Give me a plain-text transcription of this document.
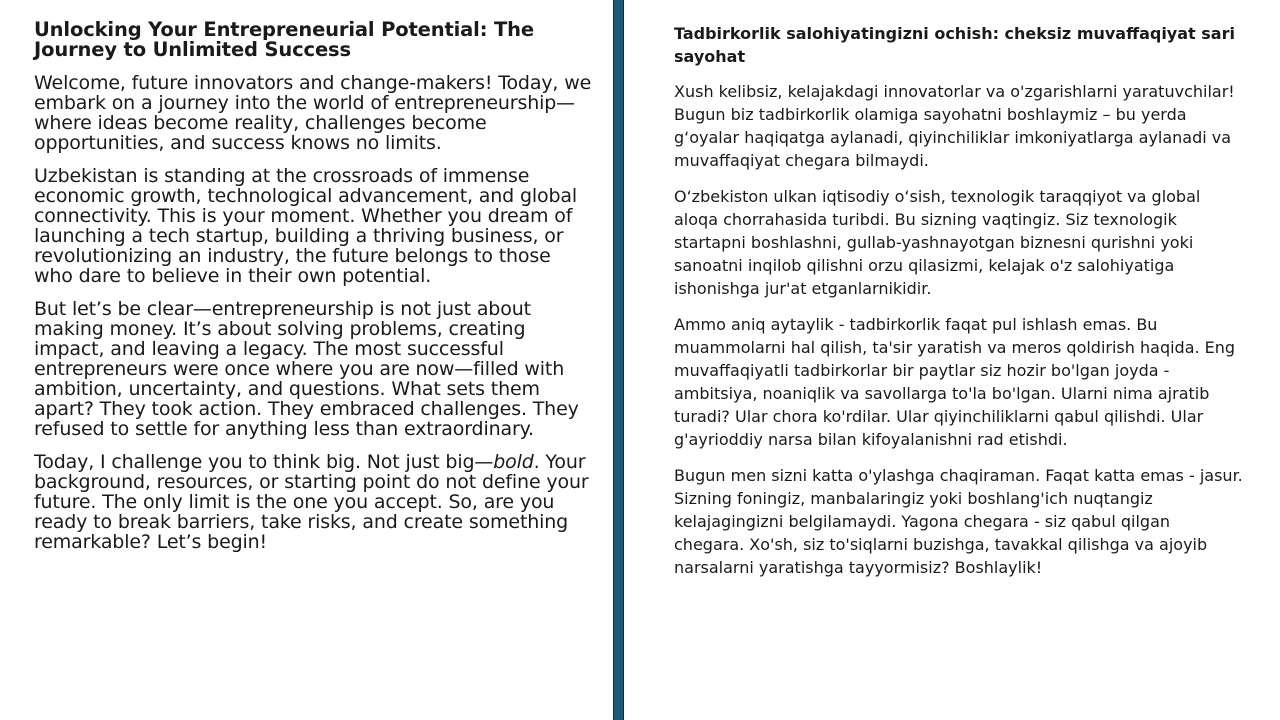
Unlocking Your Entrepreneurial Potential: The Journey to Unlimited Success

Welcome, future innovators and change-makers! Today, we embark on a journey into the world of entrepreneurship—where ideas become reality, challenges become opportunities, and success knows no limits.

Uzbekistan is standing at the crossroads of immense economic growth, technological advancement, and global connectivity. This is your moment. Whether you dream of launching a tech startup, building a thriving business, or revolutionizing an industry, the future belongs to those who dare to believe in their own potential.

But let’s be clear—entrepreneurship is not just about making money. It’s about solving problems, creating impact, and leaving a legacy. The most successful entrepreneurs were once where you are now—filled with ambition, uncertainty, and questions. What sets them apart? They took action. They embraced challenges. They refused to settle for anything less than extraordinary.

Today, I challenge you to think big. Not just big—bold. Your background, resources, or starting point do not define your future. The only limit is the one you accept. So, are you ready to break barriers, take risks, and create something remarkable? Let’s begin!

Tadbirkorlik salohiyatingizni ochish: cheksiz muvaffaqiyat sari sayohat

Xush kelibsiz, kelajakdagi innovatorlar va o'zgarishlarni yaratuvchilar! Bugun biz tadbirkorlik olamiga sayohatni boshlaymiz – bu yerda g‘oyalar haqiqatga aylanadi, qiyinchiliklar imkoniyatlarga aylanadi va muvaffaqiyat chegara bilmaydi.

O‘zbekiston ulkan iqtisodiy o‘sish, texnologik taraqqiyot va global aloqa chorrahasida turibdi. Bu sizning vaqtingiz. Siz texnologik startapni boshlashni, gullab-yashnayotgan biznesni qurishni yoki sanoatni inqilob qilishni orzu qilasizmi, kelajak o'z salohiyatiga ishonishga jur'at etganlarnikidir.

Ammo aniq aytaylik - tadbirkorlik faqat pul ishlash emas. Bu muammolarni hal qilish, ta'sir yaratish va meros qoldirish haqida. Eng muvaffaqiyatli tadbirkorlar bir paytlar siz hozir bo'lgan joyda - ambitsiya, noaniqlik va savollarga to'la bo'lgan. Ularni nima ajratib turadi? Ular chora ko'rdilar. Ular qiyinchiliklarni qabul qilishdi. Ular g'ayrioddiy narsa bilan kifoyalanishni rad etishdi.

Bugun men sizni katta o'ylashga chaqiraman. Faqat katta emas - jasur. Sizning foningiz, manbalaringiz yoki boshlang'ich nuqtangiz kelajagingizni belgilamaydi. Yagona chegara - siz qabul qilgan chegara. Xo'sh, siz to'siqlarni buzishga, tavakkal qilishga va ajoyib narsalarni yaratishga tayyormisiz? Boshlaylik!
